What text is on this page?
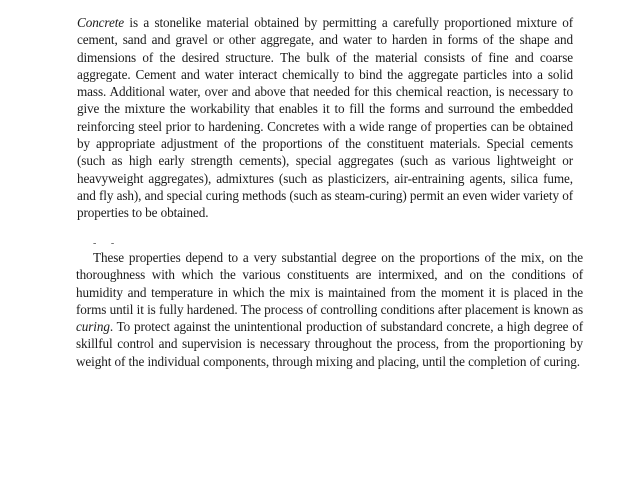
Concrete is a stonelike material obtained by permitting a carefully proportioned mixture of cement, sand and gravel or other aggregate, and water to harden in forms of the shape and dimensions of the desired structure. The bulk of the material consists of fine and coarse aggregate. Cement and water interact chemically to bind the aggregate particles into a solid mass. Additional water, over and above that needed for this chemical reaction, is necessary to give the mixture the workability that enables it to fill the forms and surround the embedded reinforcing steel prior to hardening. Concretes with a wide range of properties can be obtained by appropriate adjustment of the proportions of the constituent materials. Special cements (such as high early strength cements), special aggregates (such as various lightweight or heavyweight aggregates), admixtures (such as plasticizers, air-entraining agents, silica fume, and fly ash), and special curing methods (such as steam-curing) permit an even wider variety of properties to be obtained.

- -

These properties depend to a very substantial degree on the proportions of the mix, on the thoroughness with which the various constituents are intermixed, and on the conditions of humidity and temperature in which the mix is maintained from the moment it is placed in the forms until it is fully hardened. The process of controlling conditions after placement is known as curing. To protect against the unintentional production of substandard concrete, a high degree of skillful control and supervision is necessary throughout the process, from the proportioning by weight of the individual components, through mixing and placing, until the completion of curing.
